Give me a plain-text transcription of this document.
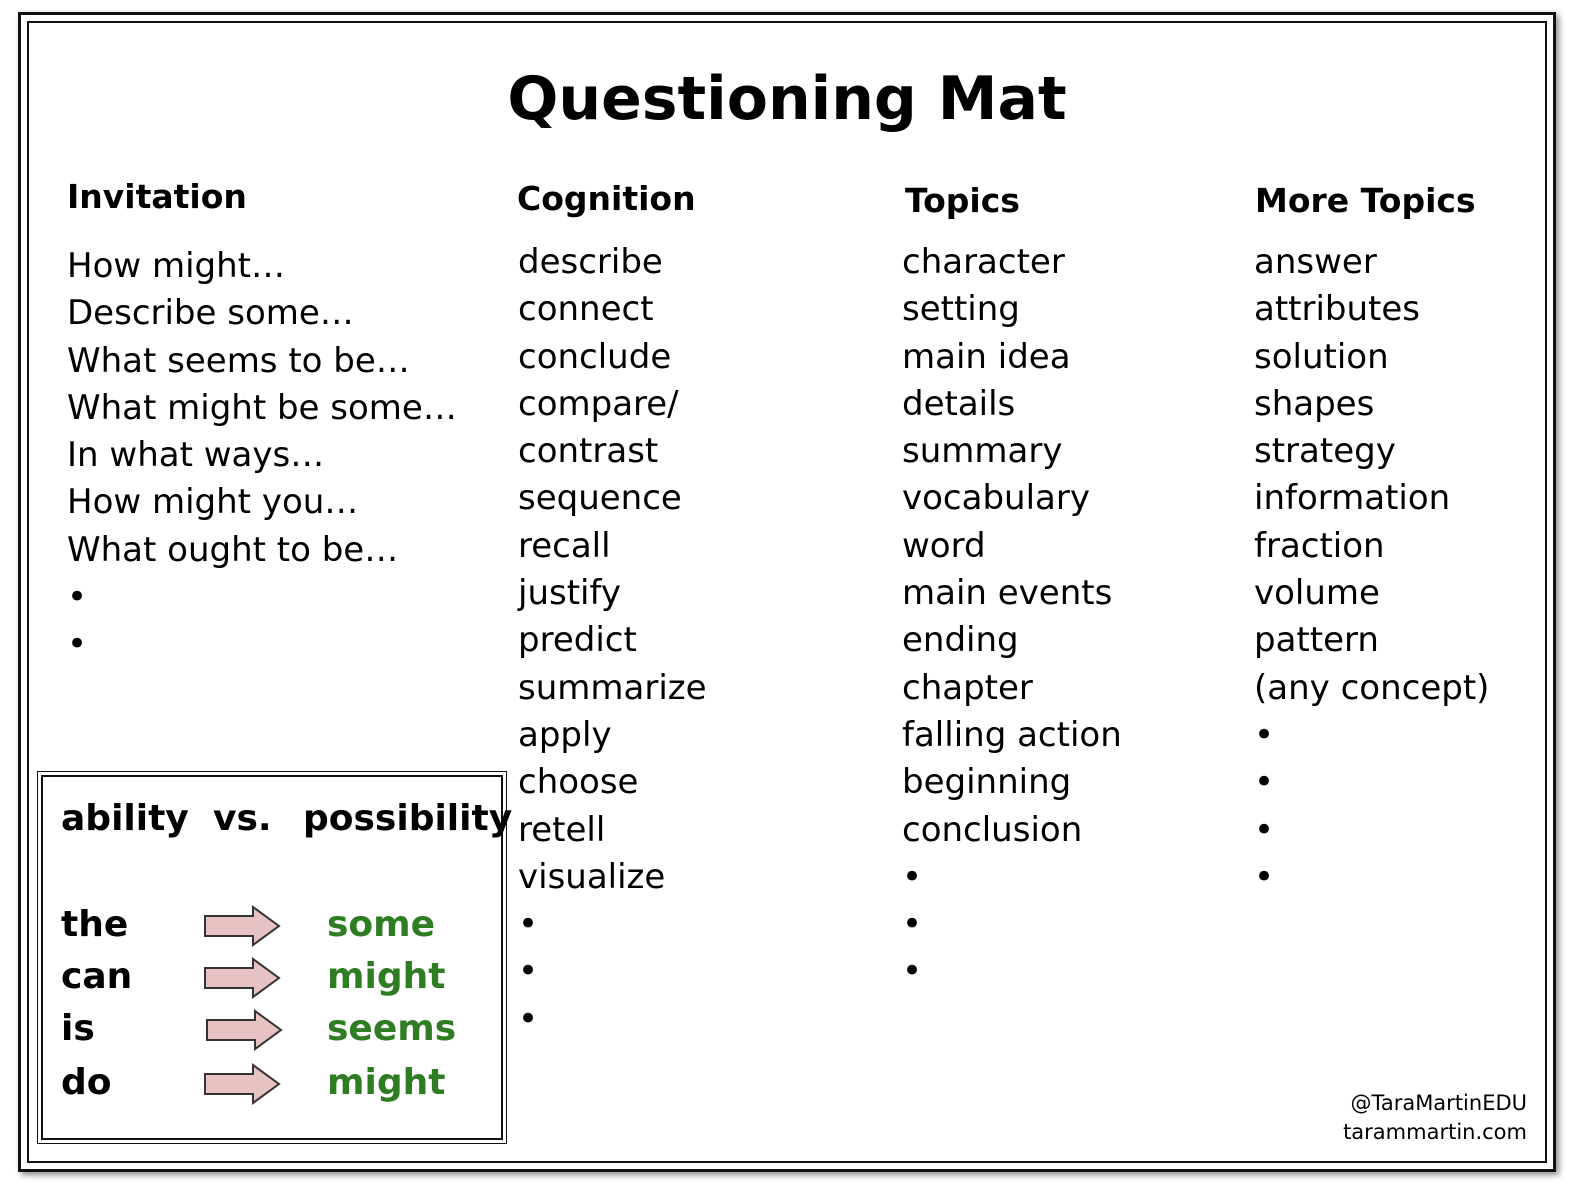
Questioning Mat
Invitation
How might…
Describe some…
What seems to be…
What might be some…
In what ways…
How might you…
What ought to be…
•
•
Cognition
describe
connect
conclude
compare/
contrast
sequence
recall
justify
predict
summarize
apply
choose
retell
visualize
•
•
•
Topics
character
setting
main idea
details
summary
vocabulary
word
main events
ending
chapter
falling action
beginning
conclusion
•
•
•
More Topics
answer
attributes
solution
shapes
strategy
information
fraction
volume
pattern
(any concept)
•
•
•
•
ability vs. possibility
the	some
can	might
is	seems
do	might	@TaraMartinEDU
tarammartin.com
